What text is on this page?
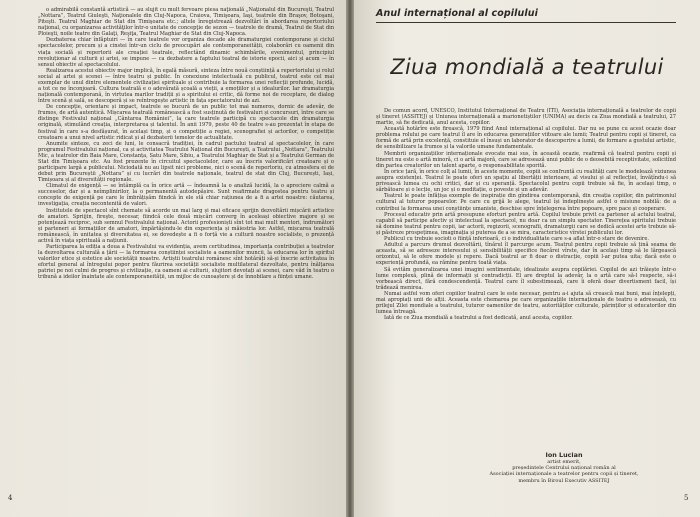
o admirabilă constantă artistică — au slujit cu mult fervoare piesa naţională „Naţionalul din Bucureşti, Teatrul „Nottara”, Teatrul Giuleşti, Naţionalele din Cluj-Napoca, Craiova, Timişoara, Iaşi, teatrele din Braşov, Botoşani, Piteşti. Teatrul Maghiar de Stat din Timişoara etc.; altele înregistrează dezvoltări în abordarea repertoriului naţional, cu organizarea activităţilor într-o unitate de concepţie de sezon — teatrele de dramă, Teatrul de Stat din Ploieşti, noile teatre din Galaţi, Reşiţa, Teatrul Maghiar de Stat din Cluj-Napoca.

Dezbaterea chiar înfăptuiri — în care teatrele vor organiza decade ale dramaturgiei contemporane și ciclul spectacolelor, precum și a cinstei într-un ciclu de preocupări ale contemporaneității, colaborări cu oamenii din viața socială și repertorii ale creației teatrale, reflectând dinamic schimbările, evenimentul, principiul revoluționar al culturii și artei, se impune — ca dezbatere a faptului teatral de istorie epocii, aici și acum — în sensul obiectiv al spectacolului.

Realizarea acestui obiectiv major implică, în egală măsură, sinteza între nouă conștiință a repertoriului și rolul social al artei și scenei — între teatru și public. În conexiune intelectuală cu publicul, teatrul este cel mai exemplar de unul dintre elementele civilizației spirituale și contribuie la formarea unei reflecții profunde, lucidă, a tot ce ne înconjoară. Cultura teatrală e o adevărată școală a vieții, a emoțiilor și a idealurilor. Iar dramaturgia națională contemporană, în virtutea marilor tradiții și a spiritului ei critic, dă forme noi de receptare, de dialog între scenă și sală, se descoperă și se reîntregește artistic în fața spectatorului de azi.

De concepție, orientare și impact, teatrele se bucură de un public tot mai numeros, dornic de adevăr, de frumos, de artă autentică. Mișcarea teatrală românească a fost susținută de festivaluri și concursuri, între care se distinge Festivalul național „Cântarea României”, la care teatrele participă cu spectacole din dramaturgia originală, stimulând creația, interpretarea și talentul. În anii 1979, peste 40 de teatre s-au prezentat în etapa de festival în care s-a desfășurat, în același timp, și o competiție a regiei, scenografiei și actorilor, o competiție creatoare a unui nivel artistic ridicat și al dezbaterii temelor de actualitate.

Anumite sinteze, cu zeci de luni, le consacră tradiției, în cadrul pactului teatral al spectacolelor, în care programul Festivalului național, ca și activitatea Teatrului Național din București, a Teatrului „Nottara”, Teatrului Mic, a teatrelor din Baia Mare, Constanța, Satu Mare, Sibiu, a Teatrului Maghiar de Stat și a Teatrului German de Stat din Timișoara etc. Au fost prezente în circuitul spectacolelor, care au înscris valorificări creatoare și o participare largă a publicului. Niciodată nu au lipsit nici probleme, nici o scenă de repertoriu, cu atmosfera ei de debut prin Bucureștii „Nottara” și cu lucrări din teatrele naționale, teatrul de stat din Cluj, București, Iași, Timișoara și al diversității regionale.

Climatul de exigență — se întâmplă ca în orice artă — îndeamnă la o analiză lucidă, la o apreciere calmă a succeselor, dar și a neîmplinirilor, la o permanentă autodepășire. Sunt reafirmate dragostea pentru teatru și concepte de exigență pe care le îmbrățișăm fiindcă în ele stă chiar rațiunea de a fi a artei noastre: căutarea, investigația, creația necontenită de valori.

Institutele de spectacol sînt chemate să acorde un mai larg și mai eficace sprijin dezvoltării mișcării artistice de amatori. Spriijin, fireşte, necesar, fiindcă cele două mișcări converg în aceleași obiective majore și se potențează reciproc, sub semnul Festivalului național. Actorii profesioniști sînt tot mai mult mentori, îndrumători și parteneri ai formațiilor de amatori, împărtășindu-le din experiența și măiestria lor. Astfel, mișcarea teatrală românească, în unitatea și diversitatea ei, se dovedește a fi o forță vie a culturii noastre socialiste, o prezență activă în viața spirituală a națiunii.

Participarea la ediția a doua a Festivalului va evidenția, avem certitudinea, importanța contribuției a teatrelor la dezvoltarea culturală a țării — la formarea conștiinței socialiste a oamenilor muncii, la educarea lor în spiritul valorilor etice și estetice ale societății noastre. Artiștii teatrului românesc sînt hotărâți să-și înscrie activitatea în efortul general al întregului popor pentru făurirea societății socialiste multilateral dezvoltate, pentru înălțarea patriei pe noi culmi de progres și civilizație, ca oameni ai culturii, slujitori devotați ai scenei, care văd în teatru o tribună a ideilor înaintate ale contemporaneității, un mijloc de cunoaștere și de înnobilare a ființei umane.

4
Anul internațional al copilului
Ziua mondială a teatrului

De comun acord, UNESCO, Institutul Internațional de Teatru (ITI), Asociația internațională a teatrelor de copii și tineret (ASSITEJ) și Uniunea internațională a marionetiștilor (UNIMA) au decis ca Ziua mondială a teatrului, 27 martie, să fie dedicată, anul acesta, copiilor.

Această hotărîre este firească, 1979 fiind Anul internațional al copilului. Dar nu se pune cu acest ocazie doar problema rolului pe care teatrul îl are în educarea generațiilor viitoare ale lumii; Teatrul pentru copii și tineret, ca formă de artă prin excelență, constituie el însuși un laborator de descoperire a lumii, de formare a gustului artistic, de sensibilizare la frumos și la valorile umane fundamentale.

Membrii organizațiilor internaționale evocate mai sus, în această ocazie, reafirmă că teatrul pentru copii și tineret nu este o artă minoră, ci o artă majoră, care se adresează unui public de o deosebită receptivitate, solicitînd din partea creatorilor un talent aparte, o responsabilitate sporită.

În orice țară, în orice colț al lumii, în aceste momente, copiii se confruntă cu realități care le modelează viziunea asupra existenței. Teatrul le poate oferi un spațiu al libertății interioare, al visului și al reflecției, învățîndu-i să privească lumea cu ochi critici, dar și cu speranță. Spectacolul pentru copii trebuie să fie, în același timp, o sărbătoare și o lecție, un joc și o meditație, o poveste și un adevăr.

Teatrul le poate înfățișa exemple de inspirație din gîndirea contemporană, din creația copiilor, din patrimoniul cultural al tuturor popoarelor. Pe care cu grijă le alege, teatrul își îndeplinește astfel o misiune nobilă: de a contribui la formarea unei conștiințe umaniste, deschise spre înțelegerea între popoare, spre pace și cooperare.

Procesul educativ prin artă presupune eforturi pentru artă. Copilul trebuie privit ca partener al actului teatral, capabil să participe afectiv și intelectual la spectacol, nu doar ca un simplu spectator. Tinerețea spiritului trebuie să domine teatrul pentru copii, iar actorii, regizorii, scenografii, dramaturgii care se dedică acestei arte trebuie să-și păstreze prospețimea, imaginația și puterea de a se mira, caracteristice vîrstei publicului lor.

Publicul cu trebuie socioti o ființă inferioară, ci o individualitate care s-a aflat într-o stare de devenire.

Adultul a parcurs drumul dezvoltării, tînărul îl parcurge acum. Teatrul pentru copii trebuie să țină seama de aceasta, să se adreseze interesului și sensibilității specifice fiecărei vîrste, dar în același timp să le lărgească orizontul, să le ofere modele și repere. Dacă teatrul ar fi doar o distracție, copiii l-ar putea uita; dacă este o experiență profundă, ea rămîne pentru toată viața.

Să evităm generalizarea unei imagini sentimentale, idealizate asupra copilăriei. Copilul de azi trăiește într-o lume complexă, plină de informații și contradicții. El are dreptul la adevăr, la o artă care să-l respecte, să-i vorbească direct, fără condescendență. Teatrul care îl subestimează, care îi oferă doar divertisment facil, își trădează menirea.

Numai astfel vom oferi copiilor teatrul care le este necesar, pentru a-i ajuta să crească mai buni, mai înțelepți, mai apropiați unii de alții. Aceasta este chemarea pe care organizațiile internaționale de teatru o adresează, cu prilejul Zilei mondiale a teatrului, tuturor oamenilor de teatru, autorităților culturale, părinților și educatorilor din lumea întreagă.

Iată de ce Ziua mondială a teatrului a fost dedicată, anul acesta, copiilor.

Ion Lucian
artist emerit,
președintele Centrului național român al
Asociației internaționale a teatrelor pentru copii și tineret,
membru în Biroul Executiv ASSITEJ
5
